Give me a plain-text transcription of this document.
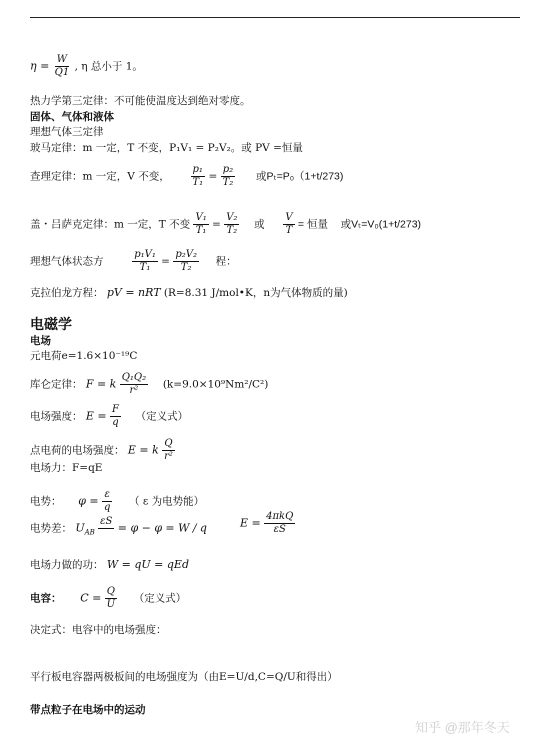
$\eta = \frac{W}{Q1}$ , η 总小于 1。
热力学第三定律：不可能使温度达到绝对零度。
固体、气体和液体
理想气体三定律
玻马定律：m 一定，T 不变，P₁V₁ = P₂V₂。或 PV =恒量
查理定律：m 一定，V 不变， $\frac{\text{p₁}}{\text{T₁}} = \frac{\text{p₂}}{\text{T₂}}$ 或Pₜ=P₀（1+t/273)
盖・吕萨克定律：m 一定，T 不变 $\frac{\text{V₁}}{\text{T₁}} = \frac{\text{V₂}}{\text{T₂}}$ 或 $\frac{V}{T}$ = 恒量 或Vₜ=V₀(1+t/273)
理想气体状态方	$\frac{\text{p₁V₁}}{\text{T₁}} = \frac{\text{p₂V₂}}{\text{T₂}}$ 程：
克拉伯龙方程： pV = nRT (R=8.31 J/mol•K，n为气体物质的量)
电磁学
电场
元电荷e=1.6×10⁻¹⁹C
库仑定律： F = k $\frac{\text{Q₁Q₂}}{\text{r²}} (k=9.0\times 10^9Nm^2/C^2)$
电场强度： $E = \frac{F}{q}$ （定义式）
点电荷的电场强度： E = k $\frac{Q}{\text{r²}}$
电场力：F=qE
电势： $\varphi = \frac{\varepsilon}{q}$ （ ε 为电势能）
电势差： $U_{AB}$
εS = φ − φ = W / q	$E = \frac{\text{4πkQ}}{\varepsilon S}$
电场力做的功： W = qU = qEd
电容： $C = \frac{Q}{U}$ （定义式）
决定式：电容中的电场强度：
平行板电容器两极板间的电场强度为（由E=U/d,C=Q/U和得出）
带点粒子在电场中的运动
知乎 @那年冬天
